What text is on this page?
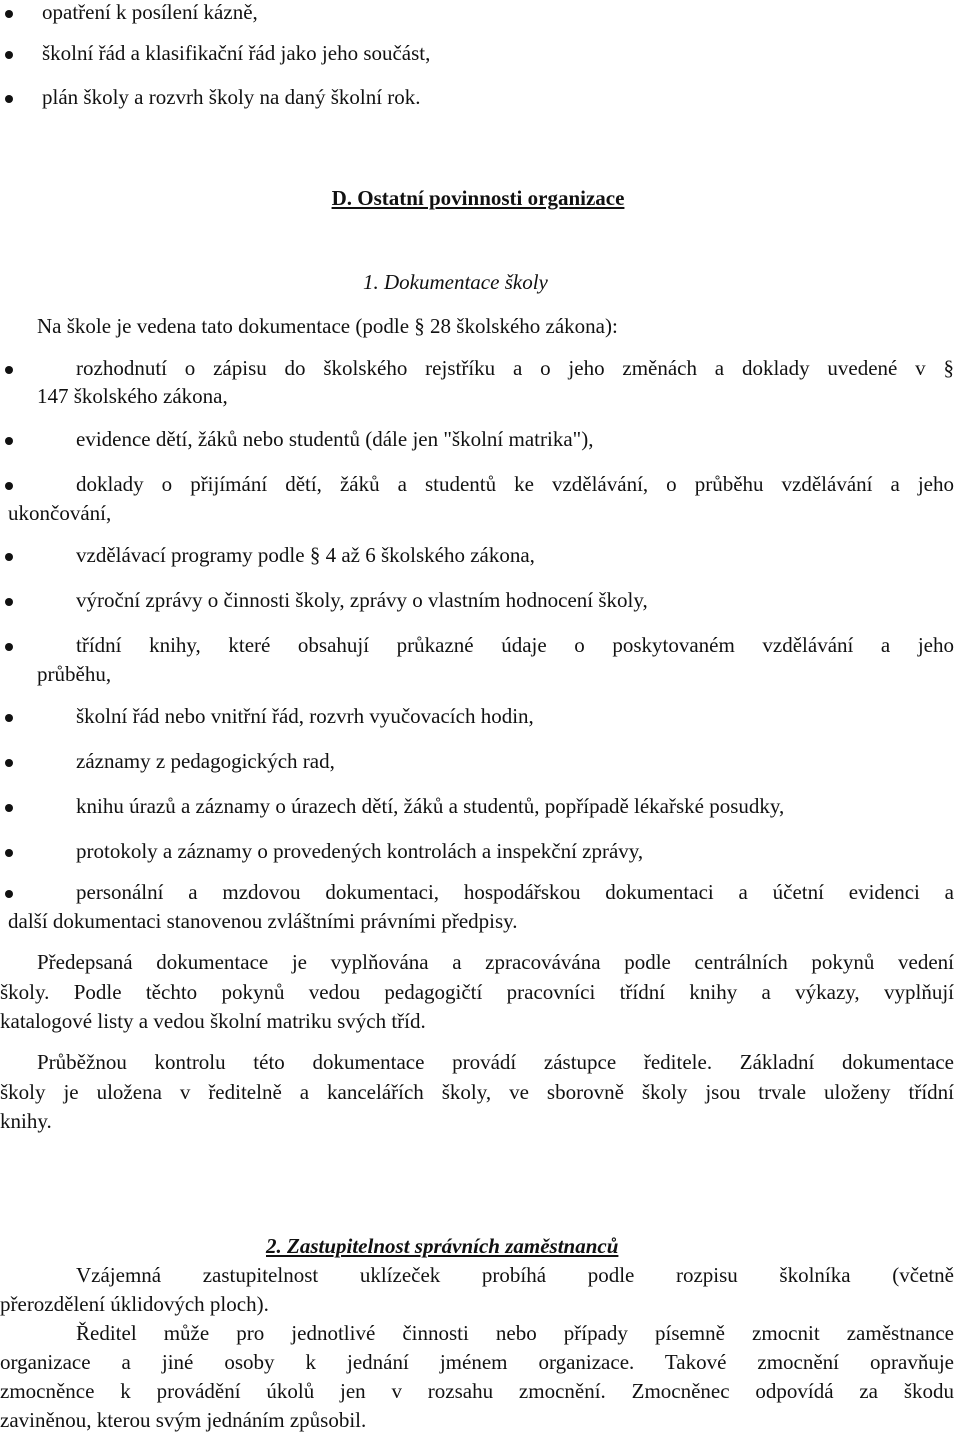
opatření k posílení kázně,
školní řád a klasifikační řád jako jeho součást,
plán školy a rozvrh školy na daný školní rok.
D. Ostatní povinnosti organizace
1. Dokumentace školy
Na škole je vedena tato dokumentace (podle § 28 školského zákona):
rozhodnutí o zápisu do školského rejstříku a o jeho změnách a doklady uvedené v §
147 školského zákona,
evidence dětí, žáků nebo studentů (dále jen "školní matrika"),
doklady o přijímání dětí, žáků a studentů ke vzdělávání, o průběhu vzdělávání a jeho
ukončování,
vzdělávací programy podle § 4 až 6 školského zákona,
výroční zprávy o činnosti školy, zprávy o vlastním hodnocení školy,
třídní knihy, které obsahují průkazné údaje o poskytovaném vzdělávání a jeho
průběhu,
školní řád nebo vnitřní řád, rozvrh vyučovacích hodin,
záznamy z pedagogických rad,
knihu úrazů a záznamy o úrazech dětí, žáků a studentů, popřípadě lékařské posudky,
protokoly a záznamy o provedených kontrolách a inspekční zprávy,
personální a mzdovou dokumentaci, hospodářskou dokumentaci a účetní evidenci a
další dokumentaci stanovenou zvláštními právními předpisy.
Předepsaná dokumentace je vyplňována a zpracovávána podle centrálních pokynů vedení
školy. Podle těchto pokynů vedou pedagogičtí pracovníci třídní knihy a výkazy, vyplňují
katalogové listy a vedou školní matriku svých tříd.
Průběžnou kontrolu této dokumentace provádí zástupce ředitele. Základní dokumentace
školy je uložena v ředitelně a kancelářích školy, ve sborovně školy jsou trvale uloženy třídní
knihy.
2. Zastupitelnost správních zaměstnanců
Vzájemná zastupitelnost uklízeček probíhá podle rozpisu školníka (včetně
přerozdělení úklidových ploch).
Ředitel může pro jednotlivé činnosti nebo případy písemně zmocnit zaměstnance
organizace a jiné osoby k jednání jménem organizace. Takové zmocnění opravňuje
zmocněnce k provádění úkolů jen v rozsahu zmocnění. Zmocněnec odpovídá za škodu
zaviněnou, kterou svým jednáním způsobil.
